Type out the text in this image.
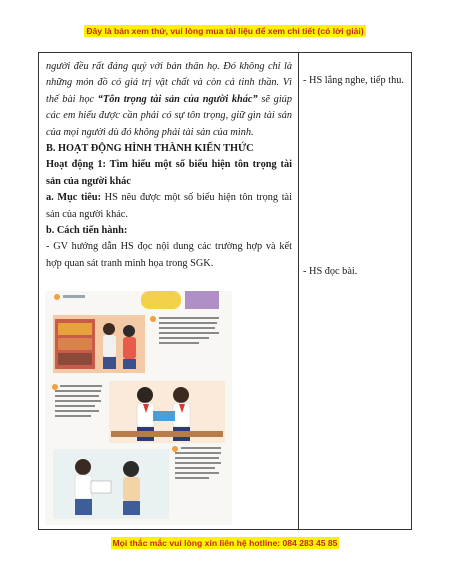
Đây là bản xem thử, vui lòng mua tài liệu để xem chi tiết (có lời giải)

người đều rất đáng quý với bản thân họ. Đó không chỉ là những món đồ có giá trị vật chất và còn cả tinh thần. Vì thế bài học “Tôn trọng tài sản của người khác” sẽ giúp các em hiểu được cần phải có sự tôn trọng, giữ gìn tài sản của mọi người dù đó không phải tài sản của mình.

B. HOẠT ĐỘNG HÌNH THÀNH KIẾN THỨC

Hoạt động 1: Tìm hiểu một số biểu hiện tôn trọng tài sản của người khác

a. Mục tiêu: HS nêu được một số biểu hiện tôn trọng tài sản của người khác.

b. Cách tiến hành:

- GV hướng dẫn HS đọc nội dung các trường hợp và kết hợp quan sát tranh minh họa trong SGK.

- HS lắng nghe, tiếp thu.
- HS đọc bài.
Mọi thắc mắc vui lòng xin liên hệ hotline: 084 283 45 85
